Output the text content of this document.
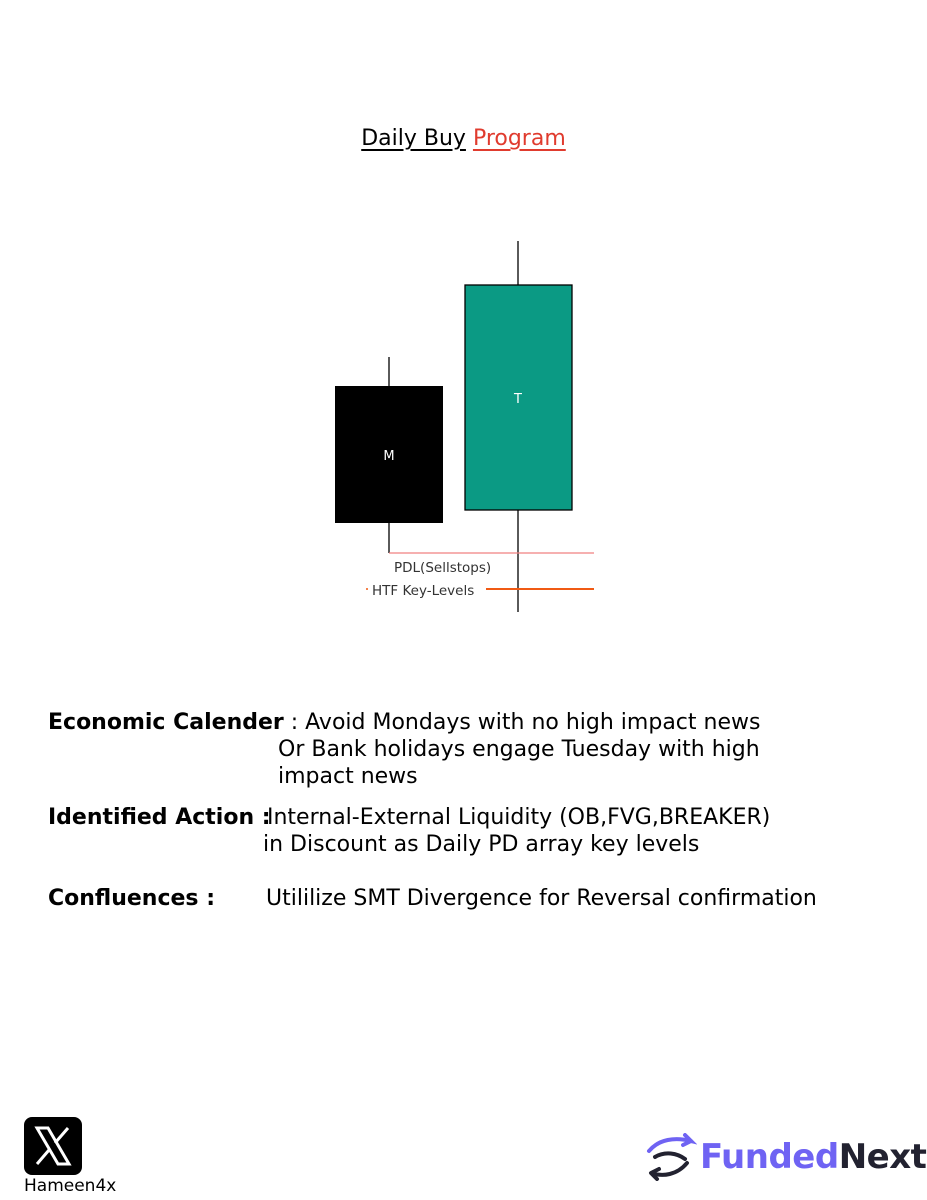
Daily Buy Program
M
T
PDL(Sellstops)
HTF Key-Levels
Economic Calender : Avoid Mondays with no high impact news
Or Bank holidays engage Tuesday with high
impact news
Identified Action :
Internal-External Liquidity (OB,FVG,BREAKER)
in Discount as Daily PD array key levels
Confluences : Utililize SMT Divergence for Reversal confirmation
Hameen4x
FundedNext
